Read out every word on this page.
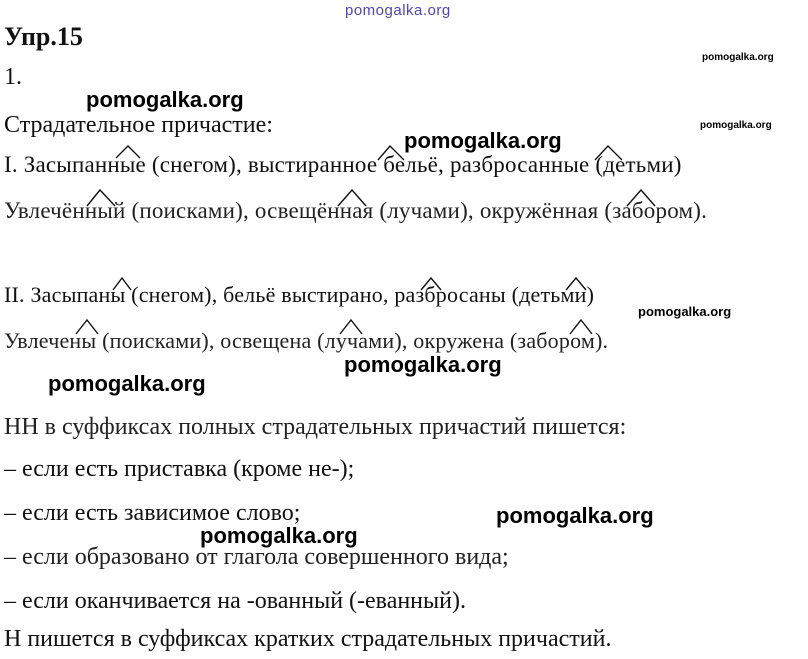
pomogalka.org
Упр.15
1.
Страдательное причастие:
I. Засыпанные (снегом), выстиранное бельё, разбросанные (детьми)
Увлечённый (поисками), освещённая (лучами), окружённая (забором).
II. Засыпаны (снегом), бельё выстирано, разбросаны (детьми)
Увлечены (поисками), освещена (лучами), окружена (забором).
НН в суффиксах полных страдательных причастий пишется:
– если есть приставка (кроме не-);
– если есть зависимое слово;
– если образовано от глагола совершенного вида;
– если оканчивается на -ованный (-еванный).
Н пишется в суффиксах кратких страдательных причастий.
pomogalka.org
pomogalka.org
pomogalka.org
pomogalka.org
pomogalka.org
pomogalka.org
pomogalka.org
pomogalka.org
pomogalka.org
